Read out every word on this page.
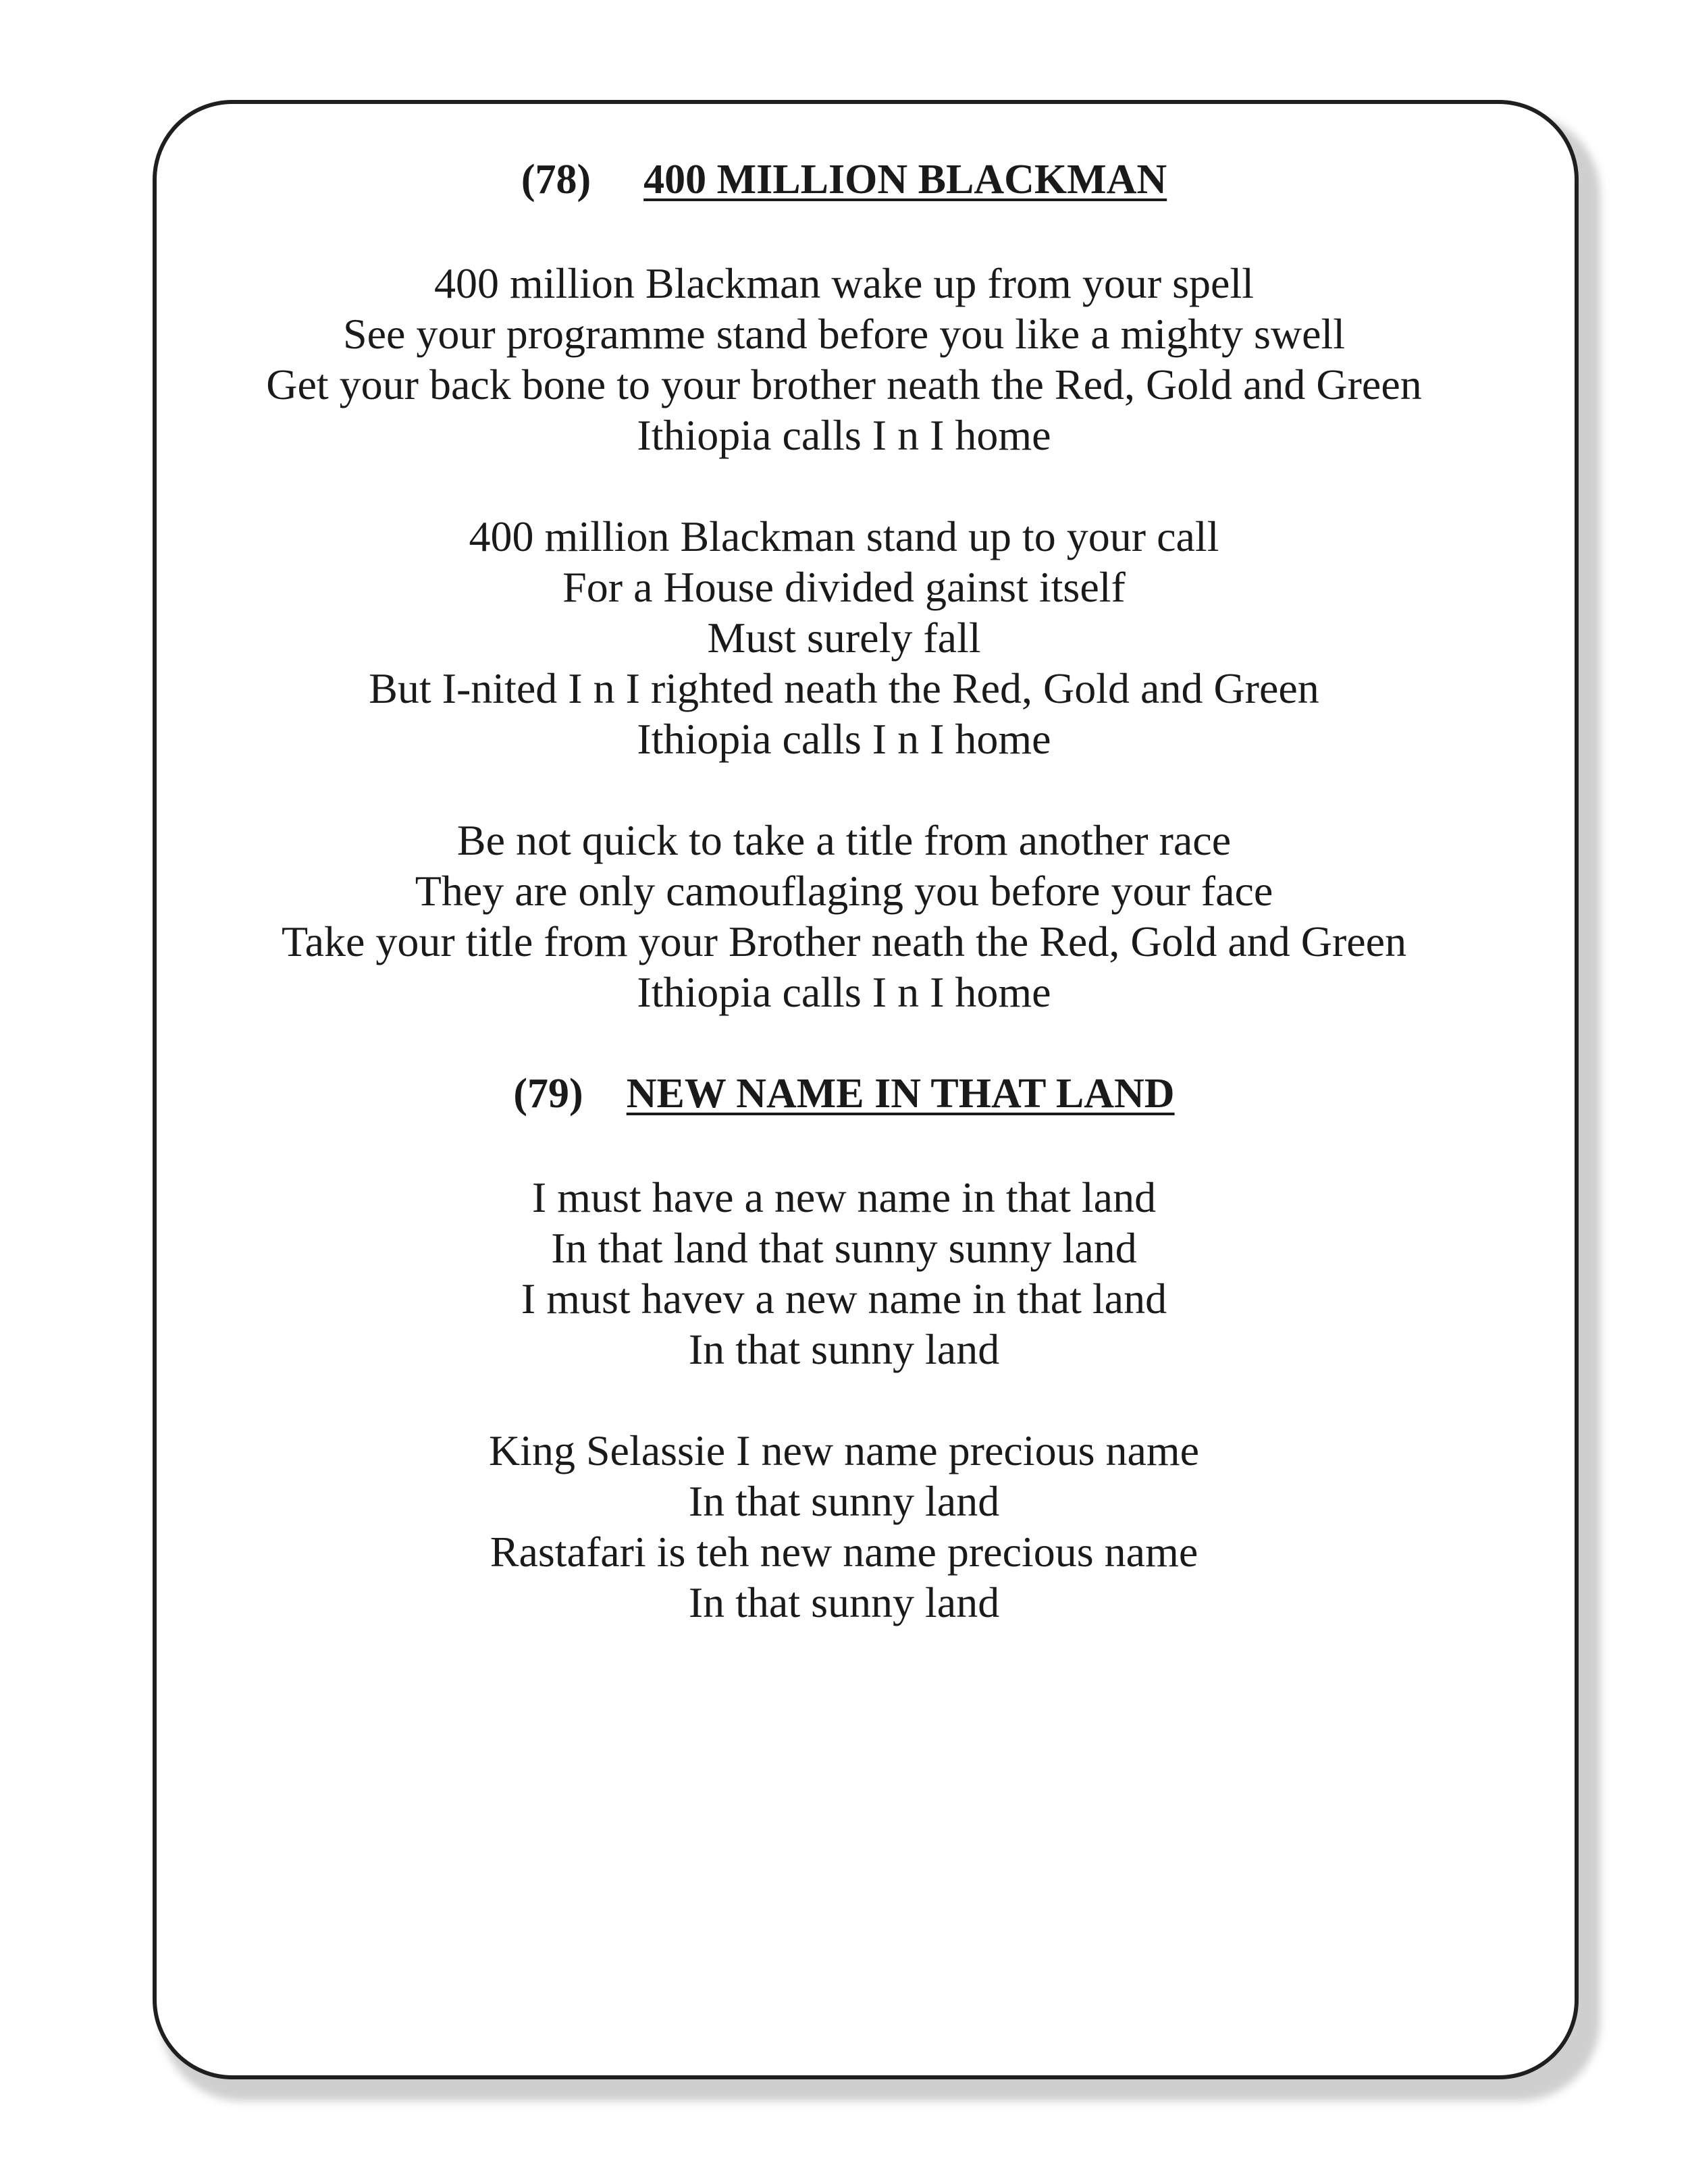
(78) 400 MILLION BLACKMAN
400 million Blackman wake up from your spell
See your programme stand before you like a mighty swell
Get your back bone to your brother neath the Red, Gold and Green
Ithiopia calls I n I home
400 million Blackman stand up to your call
For a House divided gainst itself
Must surely fall
But I-nited I n I righted neath the Red, Gold and Green
Ithiopia calls I n I home
Be not quick to take a title from another race
They are only camouflaging you before your face
Take your title from your Brother neath the Red, Gold and Green
Ithiopia calls I n I home
(79) NEW NAME IN THAT LAND
I must have a new name in that land
In that land that sunny sunny land
I must havev a new name in that land
In that sunny land
King Selassie I new name precious name
In that sunny land
Rastafari is teh new name precious name
In that sunny land
